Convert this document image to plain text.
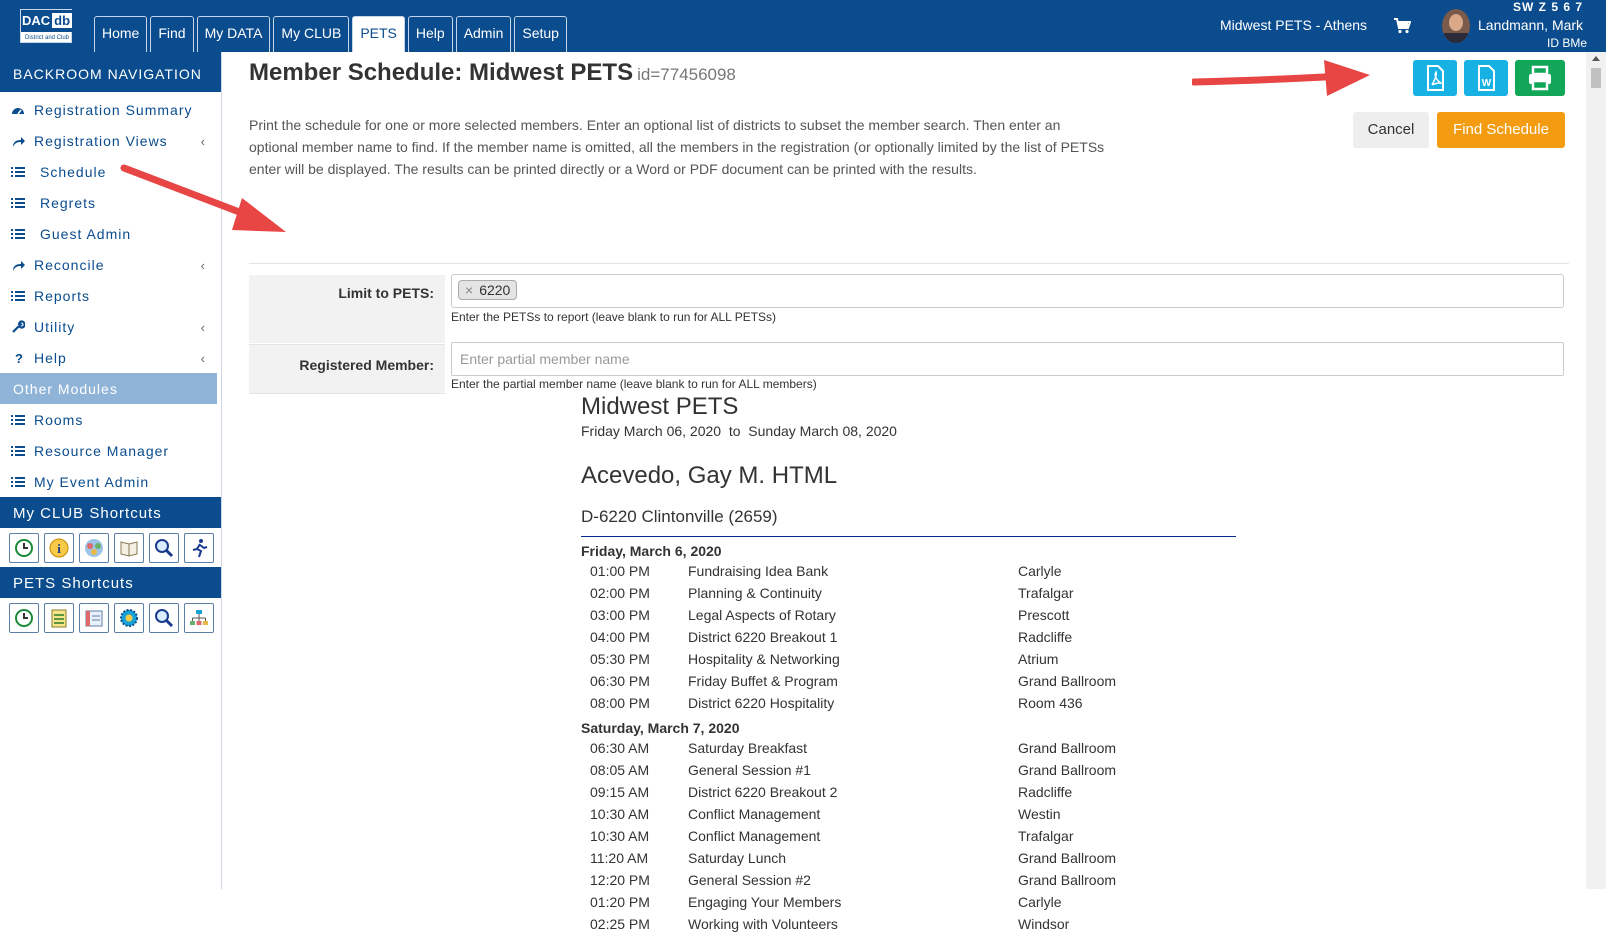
DAC db
District and Club database
Home	Find	My DATA	My CLUB	PETS	Help	Admin	Setup	Midwest PETS - Athens
SW Z 5 6 7
Landmann, Mark
ID BMe
BACKROOM NAVIGATION
Registration Summary
Registration Views	‹
Schedule
Regrets
Guest Admin
Reconcile	‹
Reports
Utility	‹
? Help	‹
Other Modules
Rooms
Resource Manager
My Event Admin
My CLUB Shortcuts
i
PETS Shortcuts
Member Schedule: Midwest PETS id=77456098	W
Cancel	Find Schedule
Print the schedule for one or more selected members. Enter an optional list of districts to subset the member search. Then enter an optional member name to find. If the member name is omitted, all the members in the registration (or optionally limited by the list of PETSs enter will be displayed. The results can be printed directly or a Word or PDF document can be printed with the results.
Limit to PETS:	× 6220
Enter the PETSs to report (leave blank to run for ALL PETSs)
Registered Member:
Enter partial member name
Enter the partial member name (leave blank to run for ALL members)
Midwest PETS
Friday March 06, 2020  to  Sunday March 08, 2020
Acevedo, Gay M. HTML
D-6220 Clintonville (2659)
Friday, March 6, 2020
01:00 PM	Fundraising Idea Bank	Carlyle
02:00 PM	Planning & Continuity	Trafalgar
03:00 PM	Legal Aspects of Rotary	Prescott
04:00 PM	District 6220 Breakout 1	Radcliffe
05:30 PM	Hospitality & Networking	Atrium
06:30 PM	Friday Buffet & Program	Grand Ballroom
08:00 PM	District 6220 Hospitality	Room 436
Saturday, March 7, 2020
06:30 AM	Saturday Breakfast	Grand Ballroom
08:05 AM	General Session #1	Grand Ballroom
09:15 AM	District 6220 Breakout 2	Radcliffe
10:30 AM	Conflict Management	Westin
10:30 AM	Conflict Management	Trafalgar
11:20 AM	Saturday Lunch	Grand Ballroom
12:20 PM	General Session #2	Grand Ballroom
01:20 PM	Engaging Your Members	Carlyle
02:25 PM	Working with Volunteers	Windsor
